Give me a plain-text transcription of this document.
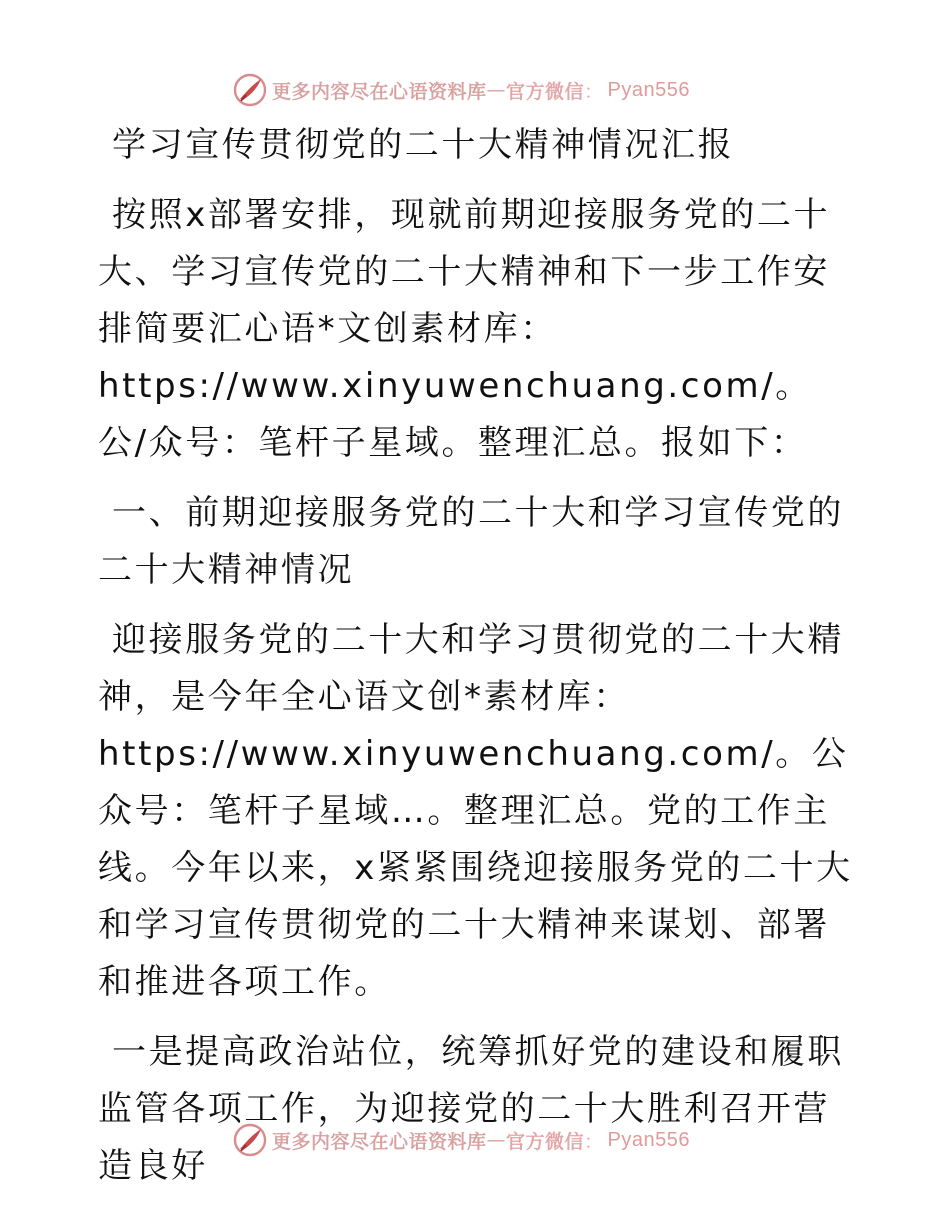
更多内容尽在心语资料库 — 官方微信 ： Pyan556

学习宣传贯彻党的二十大精神情况汇报

按照x部署安排，现就前期迎接服务党的二十大、学习宣传党的二十大精神和下一步工作安排简要汇心语*文创素材库：https://www.xinyuwenchuang.com/。公/众号：笔杆子星域。整理汇总。报如下：

一、前期迎接服务党的二十大和学习宣传党的二十大精神情况

迎接服务党的二十大和学习贯彻党的二十大精神，是今年全心语文创*素材库：https://www.xinyuwenchuang.com/。公众号：笔杆子星域…。整理汇总。党的工作主线。今年以来，x紧紧围绕迎接服务党的二十大和学习宣传贯彻党的二十大精神来谋划、部署和推进各项工作。

一是提高政治站位，统筹抓好党的建设和履职监管各项工作，为迎接党的二十大胜利召开营造良好

更多内容尽在心语资料库 — 官方微信 ： Pyan556
